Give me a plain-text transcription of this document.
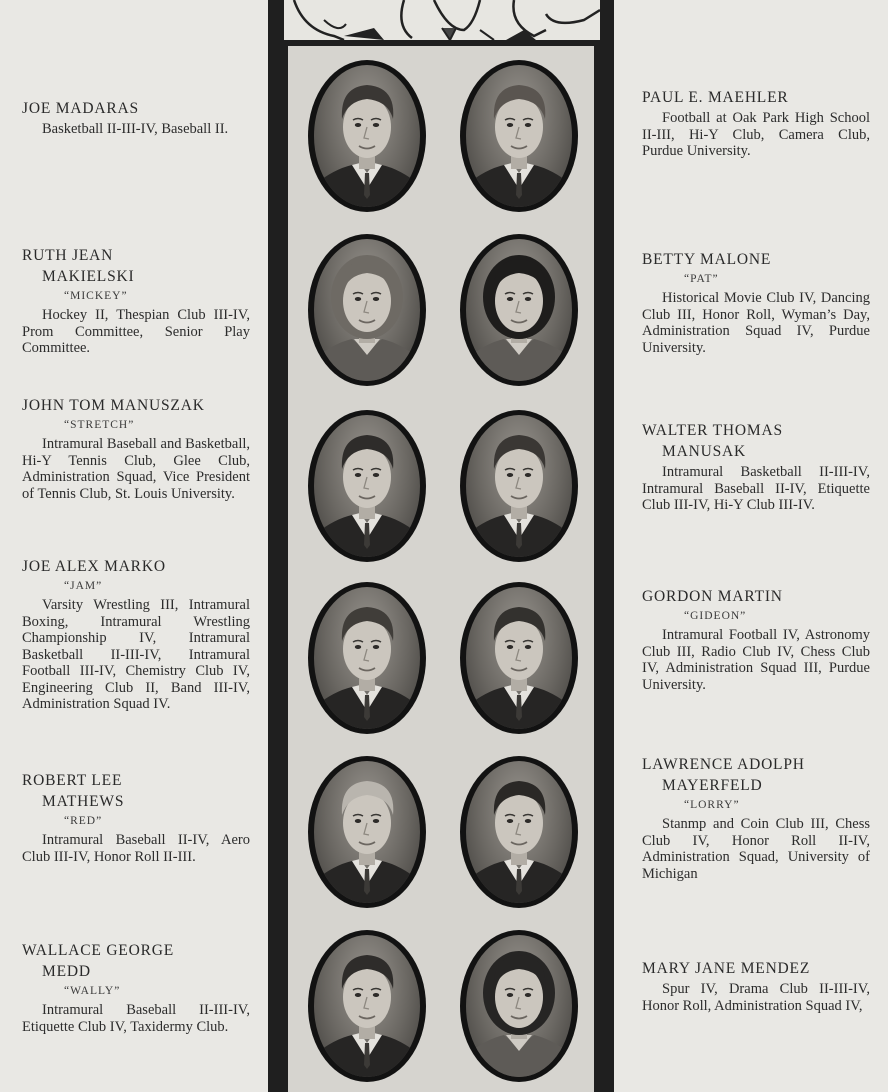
JOE MADARAS

Basketball II-III-IV, Baseball II.

RUTH JEAN
MAKIELSKI
“MICKEY”

Hockey II, Thespian Club III-IV, Prom Committee, Senior Play Committee.

JOHN TOM MANUSZAK
“STRETCH”

Intramural Baseball and Basketball, Hi-Y Tennis Club, Glee Club, Administration Squad, Vice President of Tennis Club, St. Louis University.

JOE ALEX MARKO
“JAM”

Varsity Wrestling III, Intramural Boxing, Intramural Wrestling Championship IV, Intramural Basketball II-III-IV, Intramural Football III-IV, Chemistry Club IV, Engineering Club II, Band III-IV, Administration Squad IV.

ROBERT LEE
MATHEWS
“RED”

Intramural Baseball II-IV, Aero Club III-IV, Honor Roll II-III.

WALLACE GEORGE
MEDD
“WALLY”

Intramural Baseball II-III-IV, Etiquette Club IV, Taxidermy Club.

PAUL E. MAEHLER

Football at Oak Park High School II-III, Hi-Y Club, Camera Club, Purdue University.

BETTY MALONE
“PAT”

Historical Movie Club IV, Dancing Club III, Honor Roll, Wyman’s Day, Administration Squad IV, Purdue University.

WALTER THOMAS
MANUSAK

Intramural Basketball II-III-IV, Intramural Baseball II-IV, Etiquette Club III-IV, Hi-Y Club III-IV.

GORDON MARTIN
“GIDEON”

Intramural Football IV, Astronomy Club III, Radio Club IV, Chess Club IV, Administration Squad III, Purdue University.

LAWRENCE ADOLPH
MAYERFELD
“LORRY”

Stanmp and Coin Club III, Chess Club IV, Honor Roll II-IV, Administration Squad, University of Michigan

MARY JANE MENDEZ

Spur IV, Drama Club II-III-IV, Honor Roll, Administration Squad IV,
